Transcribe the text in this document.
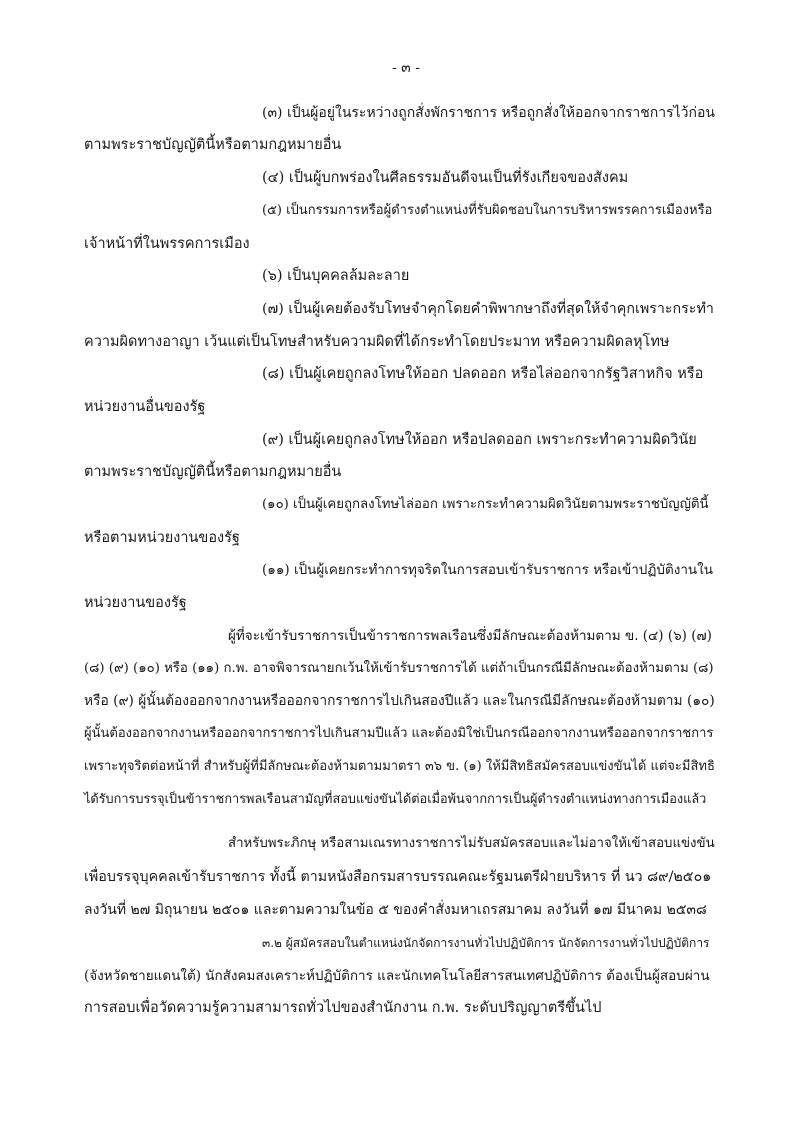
- ๓ -
(๓) เป็นผู้อยู่ในระหว่างถูกสั่งพักราชการ หรือถูกสั่งให้ออกจากราชการไว้ก่อน
ตามพระราชบัญญัตินี้หรือตามกฎหมายอื่น
(๔) เป็นผู้บกพร่องในศีลธรรมอันดีจนเป็นที่รังเกียจของสังคม
(๕) เป็นกรรมการหรือผู้ดำรงตำแหน่งที่รับผิดชอบในการบริหารพรรคการเมืองหรือ
เจ้าหน้าที่ในพรรคการเมือง
(๖) เป็นบุคคลล้มละลาย
(๗) เป็นผู้เคยต้องรับโทษจำคุกโดยคำพิพากษาถึงที่สุดให้จำคุกเพราะกระทำ
ความผิดทางอาญา เว้นแต่เป็นโทษสำหรับความผิดที่ได้กระทำโดยประมาท หรือความผิดลหุโทษ
(๘) เป็นผู้เคยถูกลงโทษให้ออก ปลดออก หรือไล่ออกจากรัฐวิสาหกิจ หรือ
หน่วยงานอื่นของรัฐ
(๙) เป็นผู้เคยถูกลงโทษให้ออก หรือปลดออก เพราะกระทำความผิดวินัย
ตามพระราชบัญญัตินี้หรือตามกฎหมายอื่น
(๑๐) เป็นผู้เคยถูกลงโทษไล่ออก เพราะกระทำความผิดวินัยตามพระราชบัญญัตินี้
หรือตามหน่วยงานของรัฐ
(๑๑) เป็นผู้เคยกระทำการทุจริตในการสอบเข้ารับราชการ หรือเข้าปฏิบัติงานใน
หน่วยงานของรัฐ
ผู้ที่จะเข้ารับราชการเป็นข้าราชการพลเรือนซึ่งมีลักษณะต้องห้ามตาม ข. (๔) (๖) (๗)
(๘) (๙) (๑๐) หรือ (๑๑) ก.พ. อาจพิจารณายกเว้นให้เข้ารับราชการได้ แต่ถ้าเป็นกรณีมีลักษณะต้องห้ามตาม (๘)
หรือ (๙) ผู้นั้นต้องออกจากงานหรือออกจากราชการไปเกินสองปีแล้ว และในกรณีมีลักษณะต้องห้ามตาม (๑๐)
ผู้นั้นต้องออกจากงานหรือออกจากราชการไปเกินสามปีแล้ว และต้องมิใช่เป็นกรณีออกจากงานหรือออกจากราชการ
เพราะทุจริตต่อหน้าที่ สำหรับผู้ที่มีลักษณะต้องห้ามตามมาตรา ๓๖ ข. (๑) ให้มีสิทธิสมัครสอบแข่งขันได้ แต่จะมีสิทธิ
ได้รับการบรรจุเป็นข้าราชการพลเรือนสามัญที่สอบแข่งขันได้ต่อเมื่อพ้นจากการเป็นผู้ดำรงตำแหน่งทางการเมืองแล้ว
สำหรับพระภิกษุ หรือสามเณรทางราชการไม่รับสมัครสอบและไม่อาจให้เข้าสอบแข่งขัน
เพื่อบรรจุบุคคลเข้ารับราชการ ทั้งนี้ ตามหนังสือกรมสารบรรณคณะรัฐมนตรีฝ่ายบริหาร ที่ นว ๘๙/๒๕๐๑
ลงวันที่ ๒๗ มิถุนายน ๒๕๐๑ และตามความในข้อ ๕ ของคำสั่งมหาเถรสมาคม ลงวันที่ ๑๗ มีนาคม ๒๕๓๘
๓.๒ ผู้สมัครสอบในตำแหน่งนักจัดการงานทั่วไปปฏิบัติการ นักจัดการงานทั่วไปปฏิบัติการ
(จังหวัดชายแดนใต้) นักสังคมสงเคราะห์ปฏิบัติการ และนักเทคโนโลยีสารสนเทศปฏิบัติการ ต้องเป็นผู้สอบผ่าน
การสอบเพื่อวัดความรู้ความสามารถทั่วไปของสำนักงาน ก.พ. ระดับปริญญาตรีขึ้นไป
